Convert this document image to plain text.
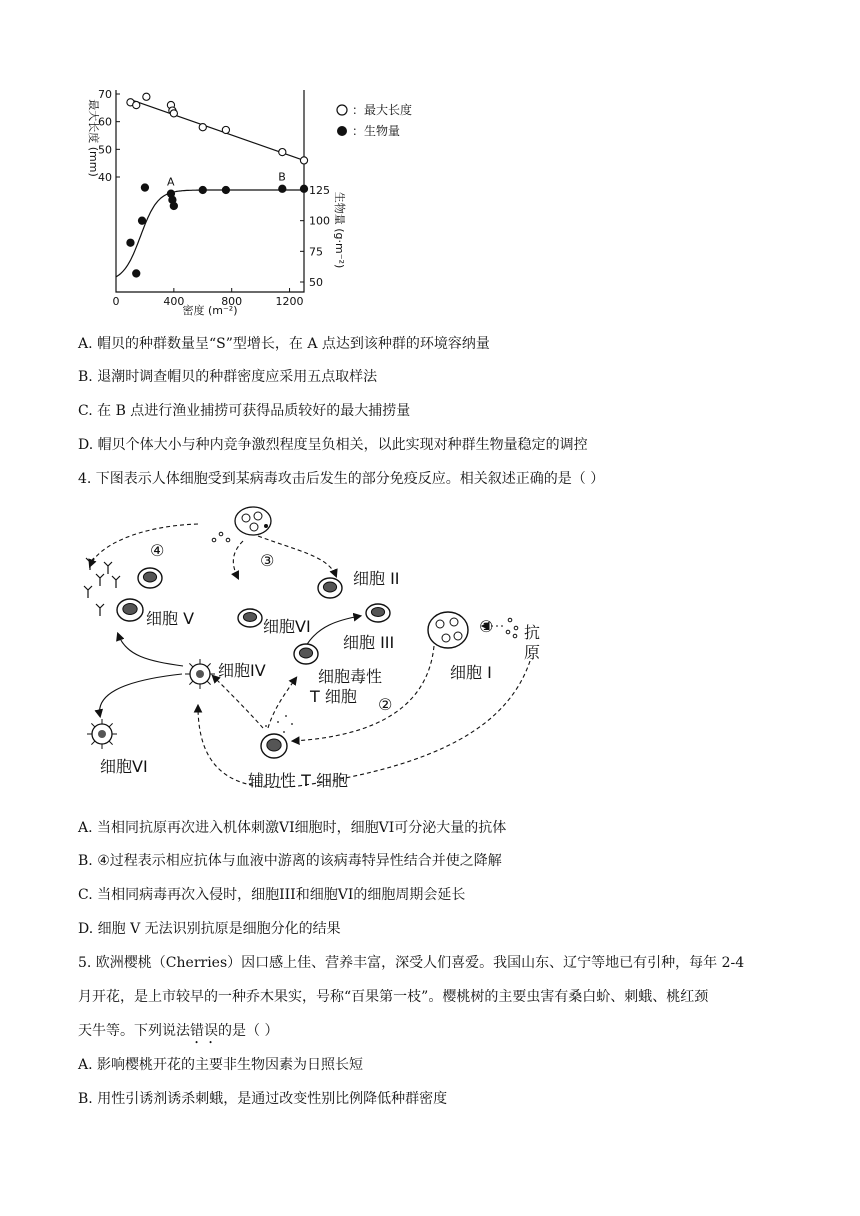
0	400	800	1200
40
50
60
70
50
75
100
125
A	B
密度 (m⁻²)
最大长度 (mm)
生物量 (g·m⁻²)
：最大长度
：生物量
A. 帽贝的种群数量呈“S”型增长，在 A 点达到该种群的环境容纳量
B. 退潮时调查帽贝的种群密度应采用五点取样法
C. 在 B 点进行渔业捕捞可获得品质较好的最大捕捞量
D. 帽贝个体大小与种内竞争激烈程度呈负相关，以此实现对种群生物量稳定的调控
4. 下图表示人体细胞受到某病毒攻击后发生的部分免疫反应。相关叙述正确的是（ ）
④
③
①
②
细胞 I
细胞 II
细胞 III
细胞IV
细胞 V	细胞VI
细胞VI
细胞毒性
T 细胞
辅助性 T 细胞
抗
原
A. 当相同抗原再次进入机体刺激VI细胞时，细胞VI可分泌大量的抗体
B. ④过程表示相应抗体与血液中游离的该病毒特异性结合并使之降解
C. 当相同病毒再次入侵时，细胞III和细胞VI的细胞周期会延长
D. 细胞 V 无法识别抗原是细胞分化的结果
5. 欧洲樱桃（Cherries）因口感上佳、营养丰富，深受人们喜爱。我国山东、辽宁等地已有引种，每年 2-4
月开花，是上市较早的一种乔木果实，号称“百果第一枝”。樱桃树的主要虫害有桑白蚧、刺蛾、桃红颈
天牛等。下列说法错误的是（ ）
A. 影响樱桃开花的主要非生物因素为日照长短
B. 用性引诱剂诱杀刺蛾，是通过改变性别比例降低种群密度
